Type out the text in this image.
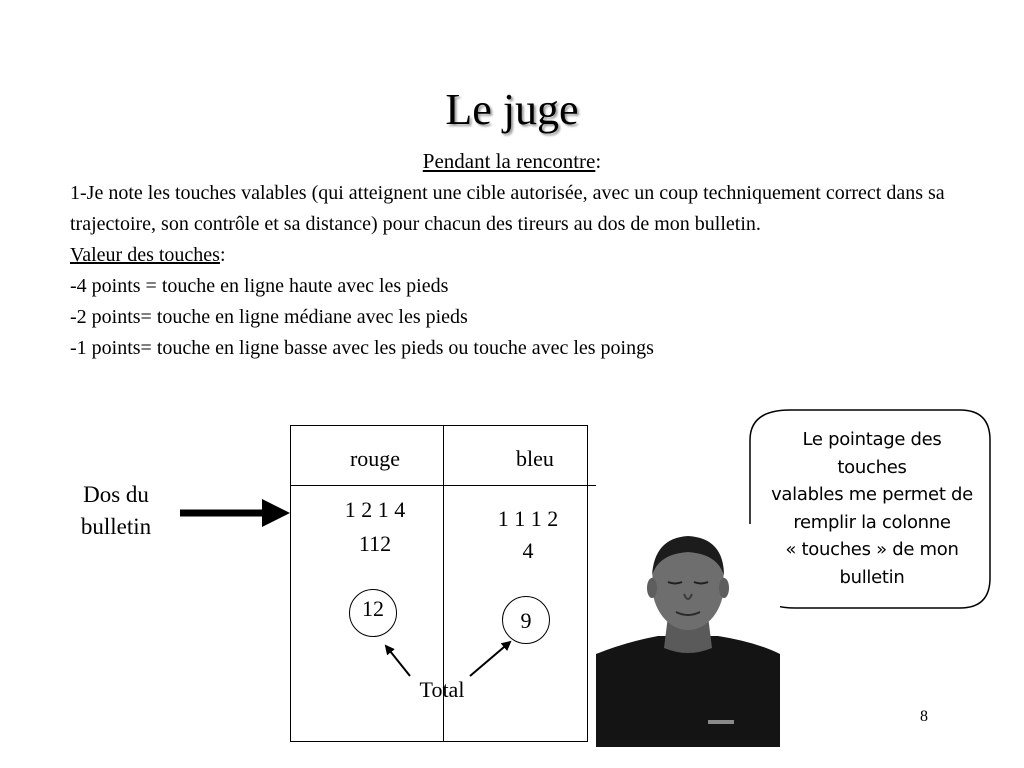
Le juge
Pendant la rencontre:

1-Je note les touches valables (qui atteignent une cible autorisée, avec un coup techniquement correct dans sa trajectoire, son contrôle et sa distance) pour chacun des tireurs au dos de mon bulletin.

Valeur des touches:

-4 points = touche en ligne haute avec les pieds

-2 points= touche en ligne médiane avec les pieds

-1 points= touche en ligne basse avec les pieds ou touche avec les poings

Dos du
bulletin
rouge	bleu
1 2 1 4
112
1 1 1 2
4
12	9
Total
Le pointage des
touches
valables me permet de
remplir la colonne
« touches » de mon
bulletin
8
